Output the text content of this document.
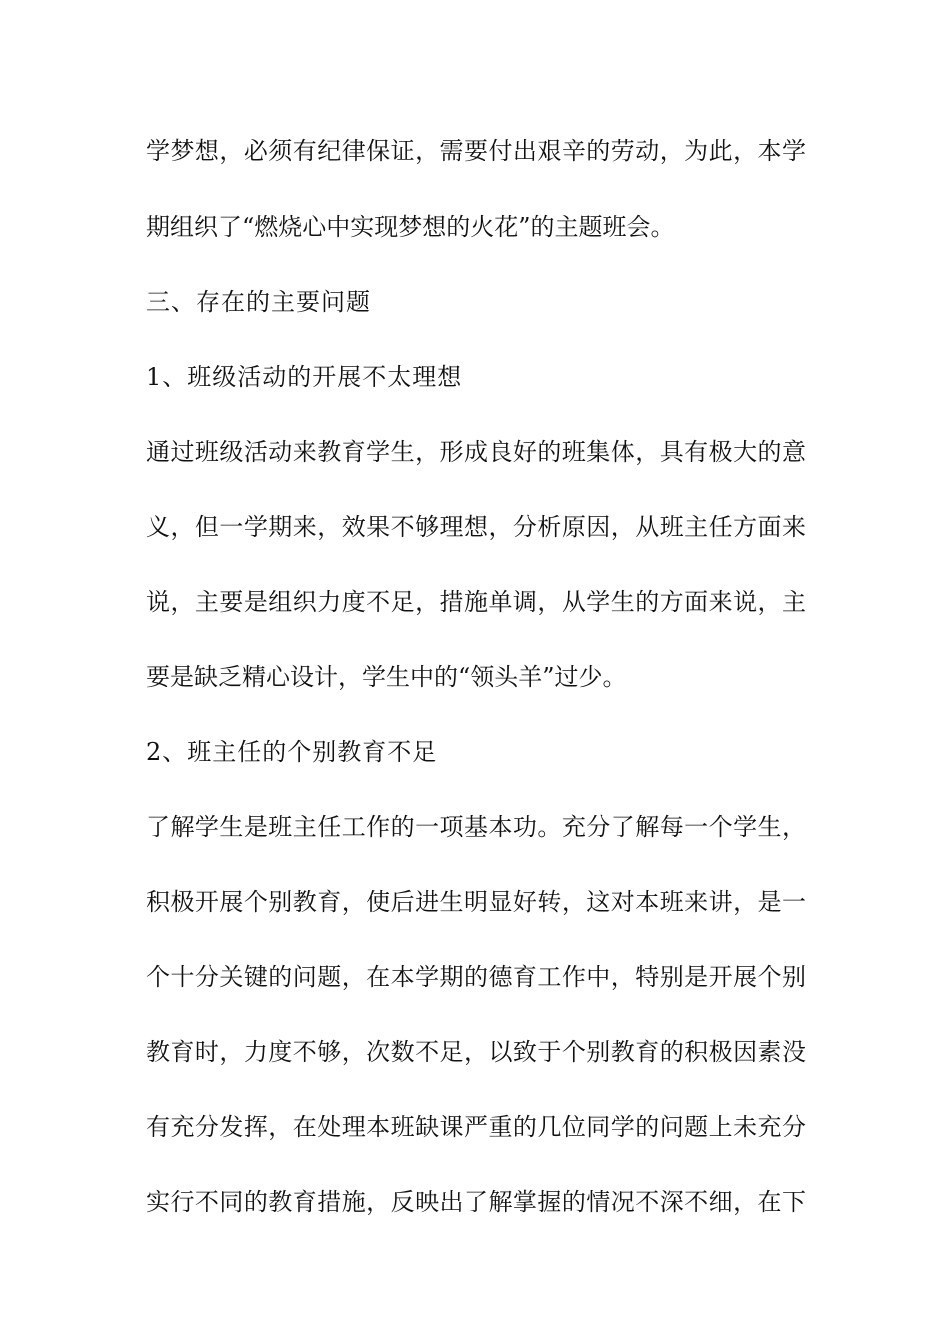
学梦想，必须有纪律保证，需要付出艰辛的劳动，为此，本学
期组织了“燃烧心中实现梦想的火花”的主题班会。
三、存在的主要问题
1、班级活动的开展不太理想
通过班级活动来教育学生，形成良好的班集体，具有极大的意
义，但一学期来，效果不够理想，分析原因，从班主任方面来
说，主要是组织力度不足，措施单调，从学生的方面来说，主
要是缺乏精心设计，学生中的“领头羊”过少。
2、班主任的个别教育不足
了解学生是班主任工作的一项基本功。充分了解每一个学生，
积极开展个别教育，使后进生明显好转，这对本班来讲，是一
个十分关键的问题，在本学期的德育工作中，特别是开展个别
教育时，力度不够，次数不足，以致于个别教育的积极因素没
有充分发挥，在处理本班缺课严重的几位同学的问题上未充分
实行不同的教育措施，反映出了解掌握的情况不深不细，在下
